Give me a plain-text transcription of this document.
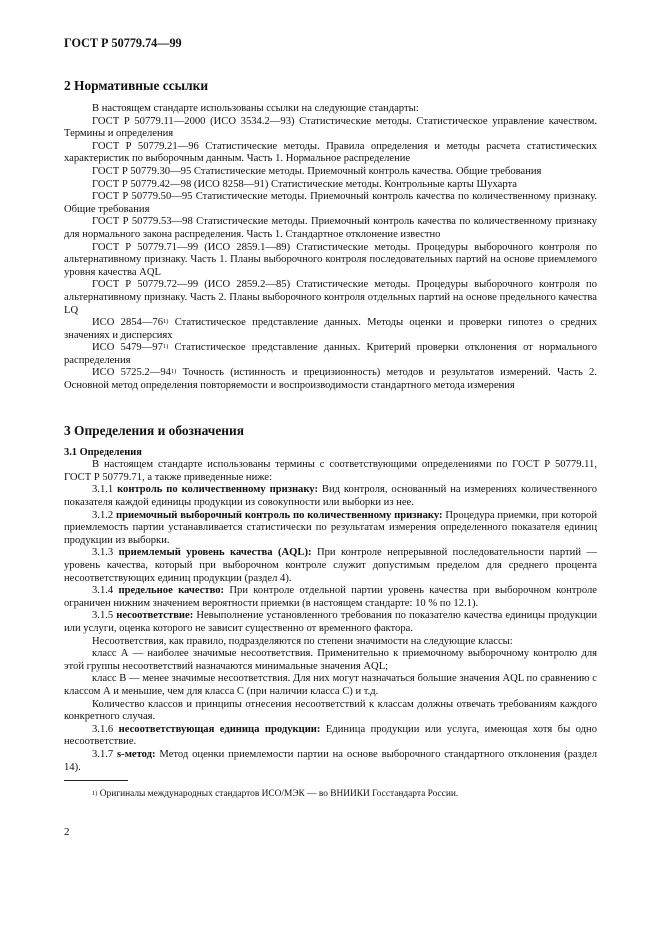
ГОСТ Р 50779.74—99
2 Нормативные ссылки

В настоящем стандарте использованы ссылки на следующие стандарты:

ГОСТ Р 50779.11—2000 (ИСО 3534.2—93) Статистические методы. Статистическое управление качеством. Термины и определения

ГОСТ Р 50779.21—96 Статистические методы. Правила определения и методы расчета статистических характеристик по выборочным данным. Часть 1. Нормальное распределение

ГОСТ Р 50779.30—95 Статистические методы. Приемочный контроль качества. Общие требования

ГОСТ Р 50779.42—98 (ИСО 8258—91) Статистические методы. Контрольные карты Шухарта

ГОСТ Р 50779.50—95 Статистические методы. Приемочный контроль качества по количественному признаку. Общие требования

ГОСТ Р 50779.53—98 Статистические методы. Приемочный контроль качества по количественному признаку для нормального закона распределения. Часть 1. Стандартное отклонение известно

ГОСТ Р 50779.71—99 (ИСО 2859.1—89) Статистические методы. Процедуры выборочного контроля по альтернативному признаку. Часть 1. Планы выборочного контроля последовательных партий на основе приемлемого уровня качества AQL

ГОСТ Р 50779.72—99 (ИСО 2859.2—85) Статистические методы. Процедуры выборочного контроля по альтернативному признаку. Часть 2. Планы выборочного контроля отдельных партий на основе предельного качества LQ

ИСО 2854—76$^{1)}$ Статистическое представление данных. Методы оценки и проверки гипотез о средних значениях и дисперсиях

ИСО 5479—97$^{1)}$ Статистическое представление данных. Критерий проверки отклонения от нормального распределения

ИСО 5725.2—94$^{1)}$ Точность (истинность и прецизионность) методов и результатов измерений. Часть 2. Основной метод определения повторяемости и воспроизводимости стандартного метода измерения

3 Определения и обозначения
3.1 Определения

В настоящем стандарте использованы термины с соответствующими определениями по ГОСТ Р 50779.11, ГОСТ Р 50779.71, а также приведенные ниже:

3.1.1 контроль по количественному признаку: Вид контроля, основанный на измерениях количественного показателя каждой единицы продукции из совокупности или выборки из нее.

3.1.2 приемочный выборочный контроль по количественному признаку: Процедура приемки, при которой приемлемость партии устанавливается статистически по результатам измерения определенного показателя единиц продукции из выборки.

3.1.3 приемлемый уровень качества (AQL): При контроле непрерывной последовательности партий — уровень качества, который при выборочном контроле служит допустимым пределом для среднего процента несоответствующих единиц продукции (раздел 4).

3.1.4 предельное качество: При контроле отдельной партии уровень качества при выборочном контроле ограничен нижним значением вероятности приемки (в настоящем стандарте: 10 % по 12.1).

3.1.5 несоответствие: Невыполнение установленного требования по показателю качества единицы продукции или услуги, оценка которого не зависит существенно от временного фактора.

Несоответствия, как правило, подразделяются по степени значимости на следующие классы:

класс А — наиболее значимые несоответствия. Применительно к приемочному выборочному контролю для этой группы несоответствий назначаются минимальные значения AQL;

класс В — менее значимые несоответствия. Для них могут назначаться большие значения AQL по сравнению с классом А и меньшие, чем для класса С (при наличии класса С) и т.д.

Количество классов и принципы отнесения несоответствий к классам должны отвечать требованиям каждого конкретного случая.

3.1.6 несоответствующая единица продукции: Единица продукции или услуга, имеющая хотя бы одно несоответствие.

3.1.7 s-метод: Метод оценки приемлемости партии на основе выборочного стандартного отклонения (раздел 14).

$^{1)}$ Оригиналы международных стандартов ИСО/МЭК — во ВНИИКИ Госстандарта России.

2
